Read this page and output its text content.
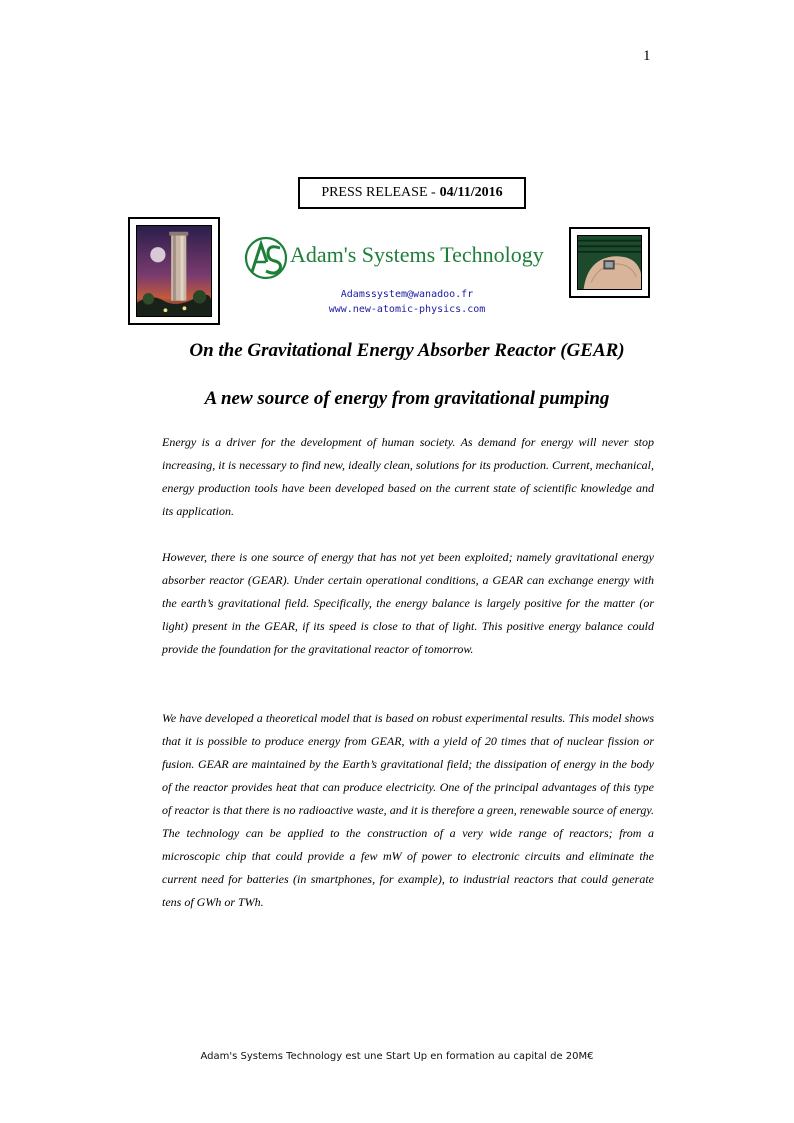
1
PRESS RELEASE - 04/11/2016
Adam's Systems Technology
Adamssystem@wanadoo.fr
www.new-atomic-physics.com
On the Gravitational Energy Absorber Reactor (GEAR)
A new source of energy from gravitational pumping
Energy is a driver for the development of human society. As demand for energy will never stop increasing, it is necessary to find new, ideally clean, solutions for its production. Current, mechanical, energy production tools have been developed based on the current state of scientific knowledge and its application.
However, there is one source of energy that has not yet been exploited; namely gravitational energy absorber reactor (GEAR). Under certain operational conditions, a GEAR can exchange energy with the earth’s gravitational field. Specifically, the energy balance is largely positive for the matter (or light) present in the GEAR, if its speed is close to that of light. This positive energy balance could provide the foundation for the gravitational reactor of tomorrow.
We have developed a theoretical model that is based on robust experimental results. This model shows that it is possible to produce energy from GEAR, with a yield of 20 times that of nuclear fission or fusion. GEAR are maintained by the Earth’s gravitational field; the dissipation of energy in the body of the reactor provides heat that can produce electricity. One of the principal advantages of this type of reactor is that there is no radioactive waste, and it is therefore a green, renewable source of energy. The technology can be applied to the construction of a very wide range of reactors; from a microscopic chip that could provide a few mW of power to electronic circuits and eliminate the current need for batteries (in smartphones, for example), to industrial reactors that could generate tens of GWh or TWh.
Adam's Systems Technology est une Start Up en formation au capital de 20M€
